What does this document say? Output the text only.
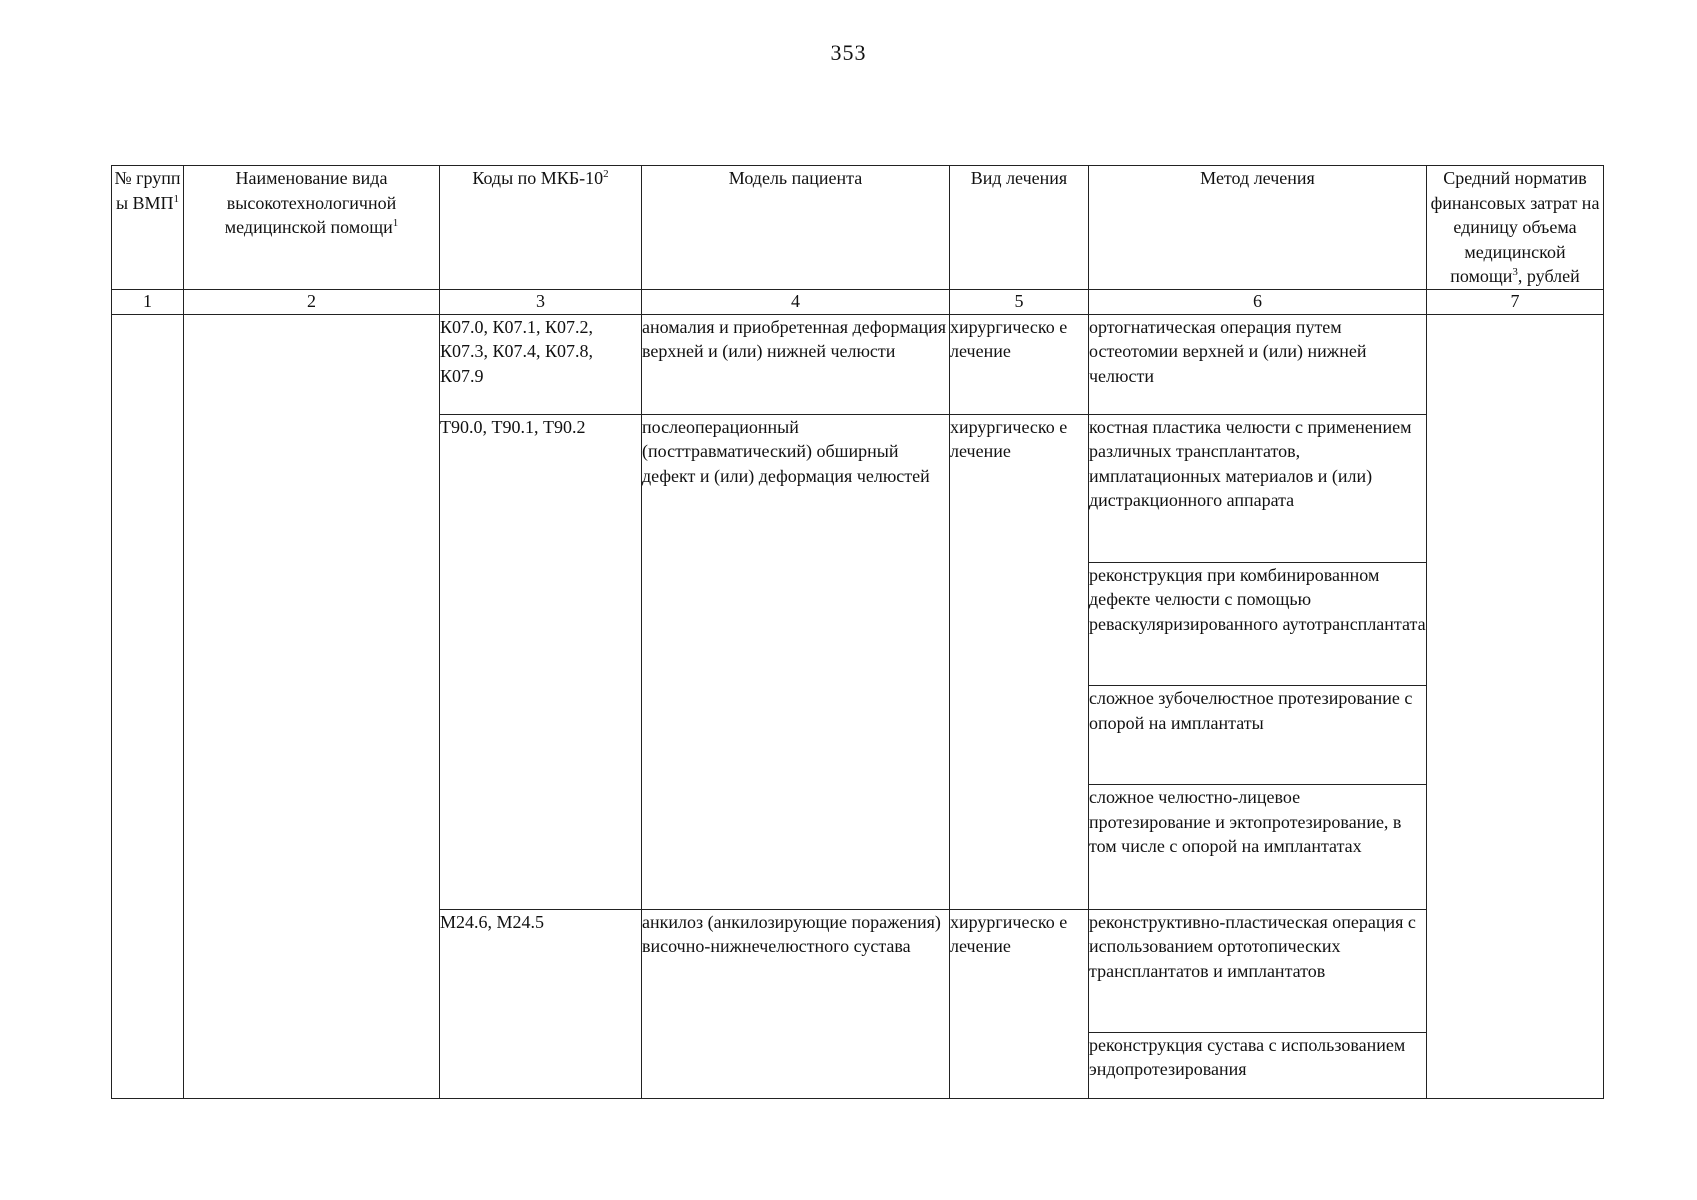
353
№ групп ы ВМП$^1$	Наименование вида высокотехнологичной медицинской помощи$^1$	Коды по МКБ-$10^2$	Модель пациента	Вид лечения	Метод лечения	Средний норматив финансовых затрат на единицу объема медицинской помощи$^3$, рублей
1	2	3	4	5	6	7
		К07.0, К07.1, К07.2, К07.3, К07.4, К07.8, К07.9	аномалия и приобретенная деформация верхней и (или) нижней челюсти	хирургическо е лечение	ортогнатическая операция путем остеотомии верхней и (или) нижней челюсти	
		Т90.0, Т90.1, Т90.2	послеоперационный (посттравматический) обширный дефект и (или) деформация челюстей	хирургическо е лечение	костная пластика челюсти с применением различных трансплантатов, имплатационных материалов и (или) дистракционного аппарата	
					реконструкция при комбинированном дефекте челюсти с помощью реваскуляризированного аутотрансплантата	
					сложное зубочелюстное протезирование с опорой на имплантаты	
					сложное челюстно-лицевое протезирование и эктопротезирование, в том числе с опорой на имплантатах	
		М24.6, М24.5	анкилоз (анкилозирующие поражения) височно-нижнечелюстного сустава	хирургическо е лечение	реконструктивно-пластическая операция с использованием ортотопических трансплантатов и имплантатов	
					реконструкция сустава с использованием эндопротезирования	
